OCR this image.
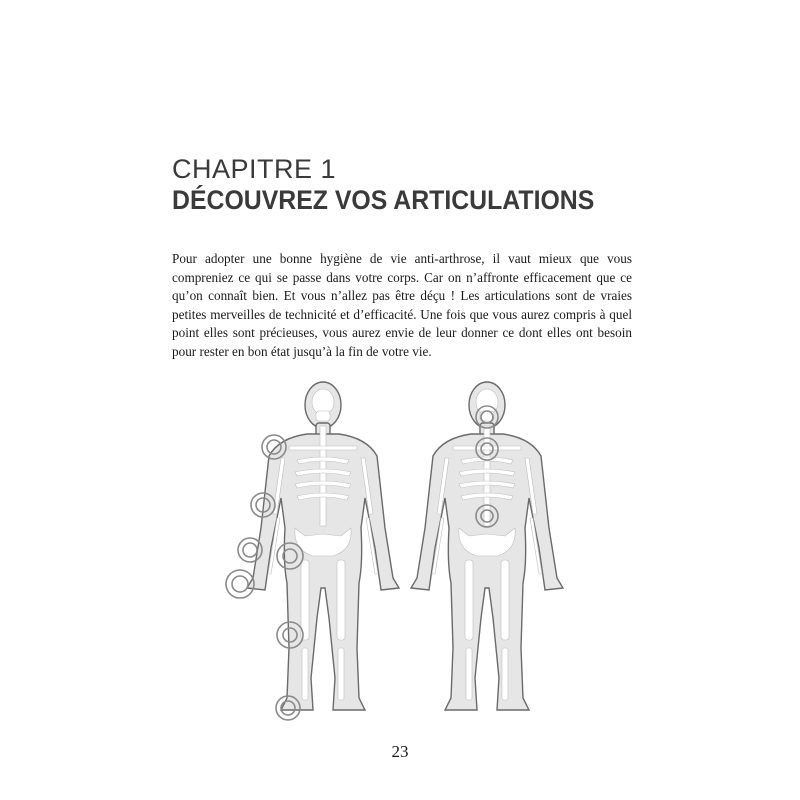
CHAPITRE 1
DÉCOUVREZ VOS ARTICULATIONS

Pour adopter une bonne hygiène de vie anti-arthrose, il vaut mieux que vous compreniez ce qui se passe dans votre corps. Car on n’affronte efficacement que ce qu’on connaît bien. Et vous n’allez pas être déçu ! Les articulations sont de vraies petites merveilles de technicité et d’efficacité. Une fois que vous aurez compris à quel point elles sont précieuses, vous aurez envie de leur donner ce dont elles ont besoin pour rester en bon état jusqu’à la fin de votre vie.

23
